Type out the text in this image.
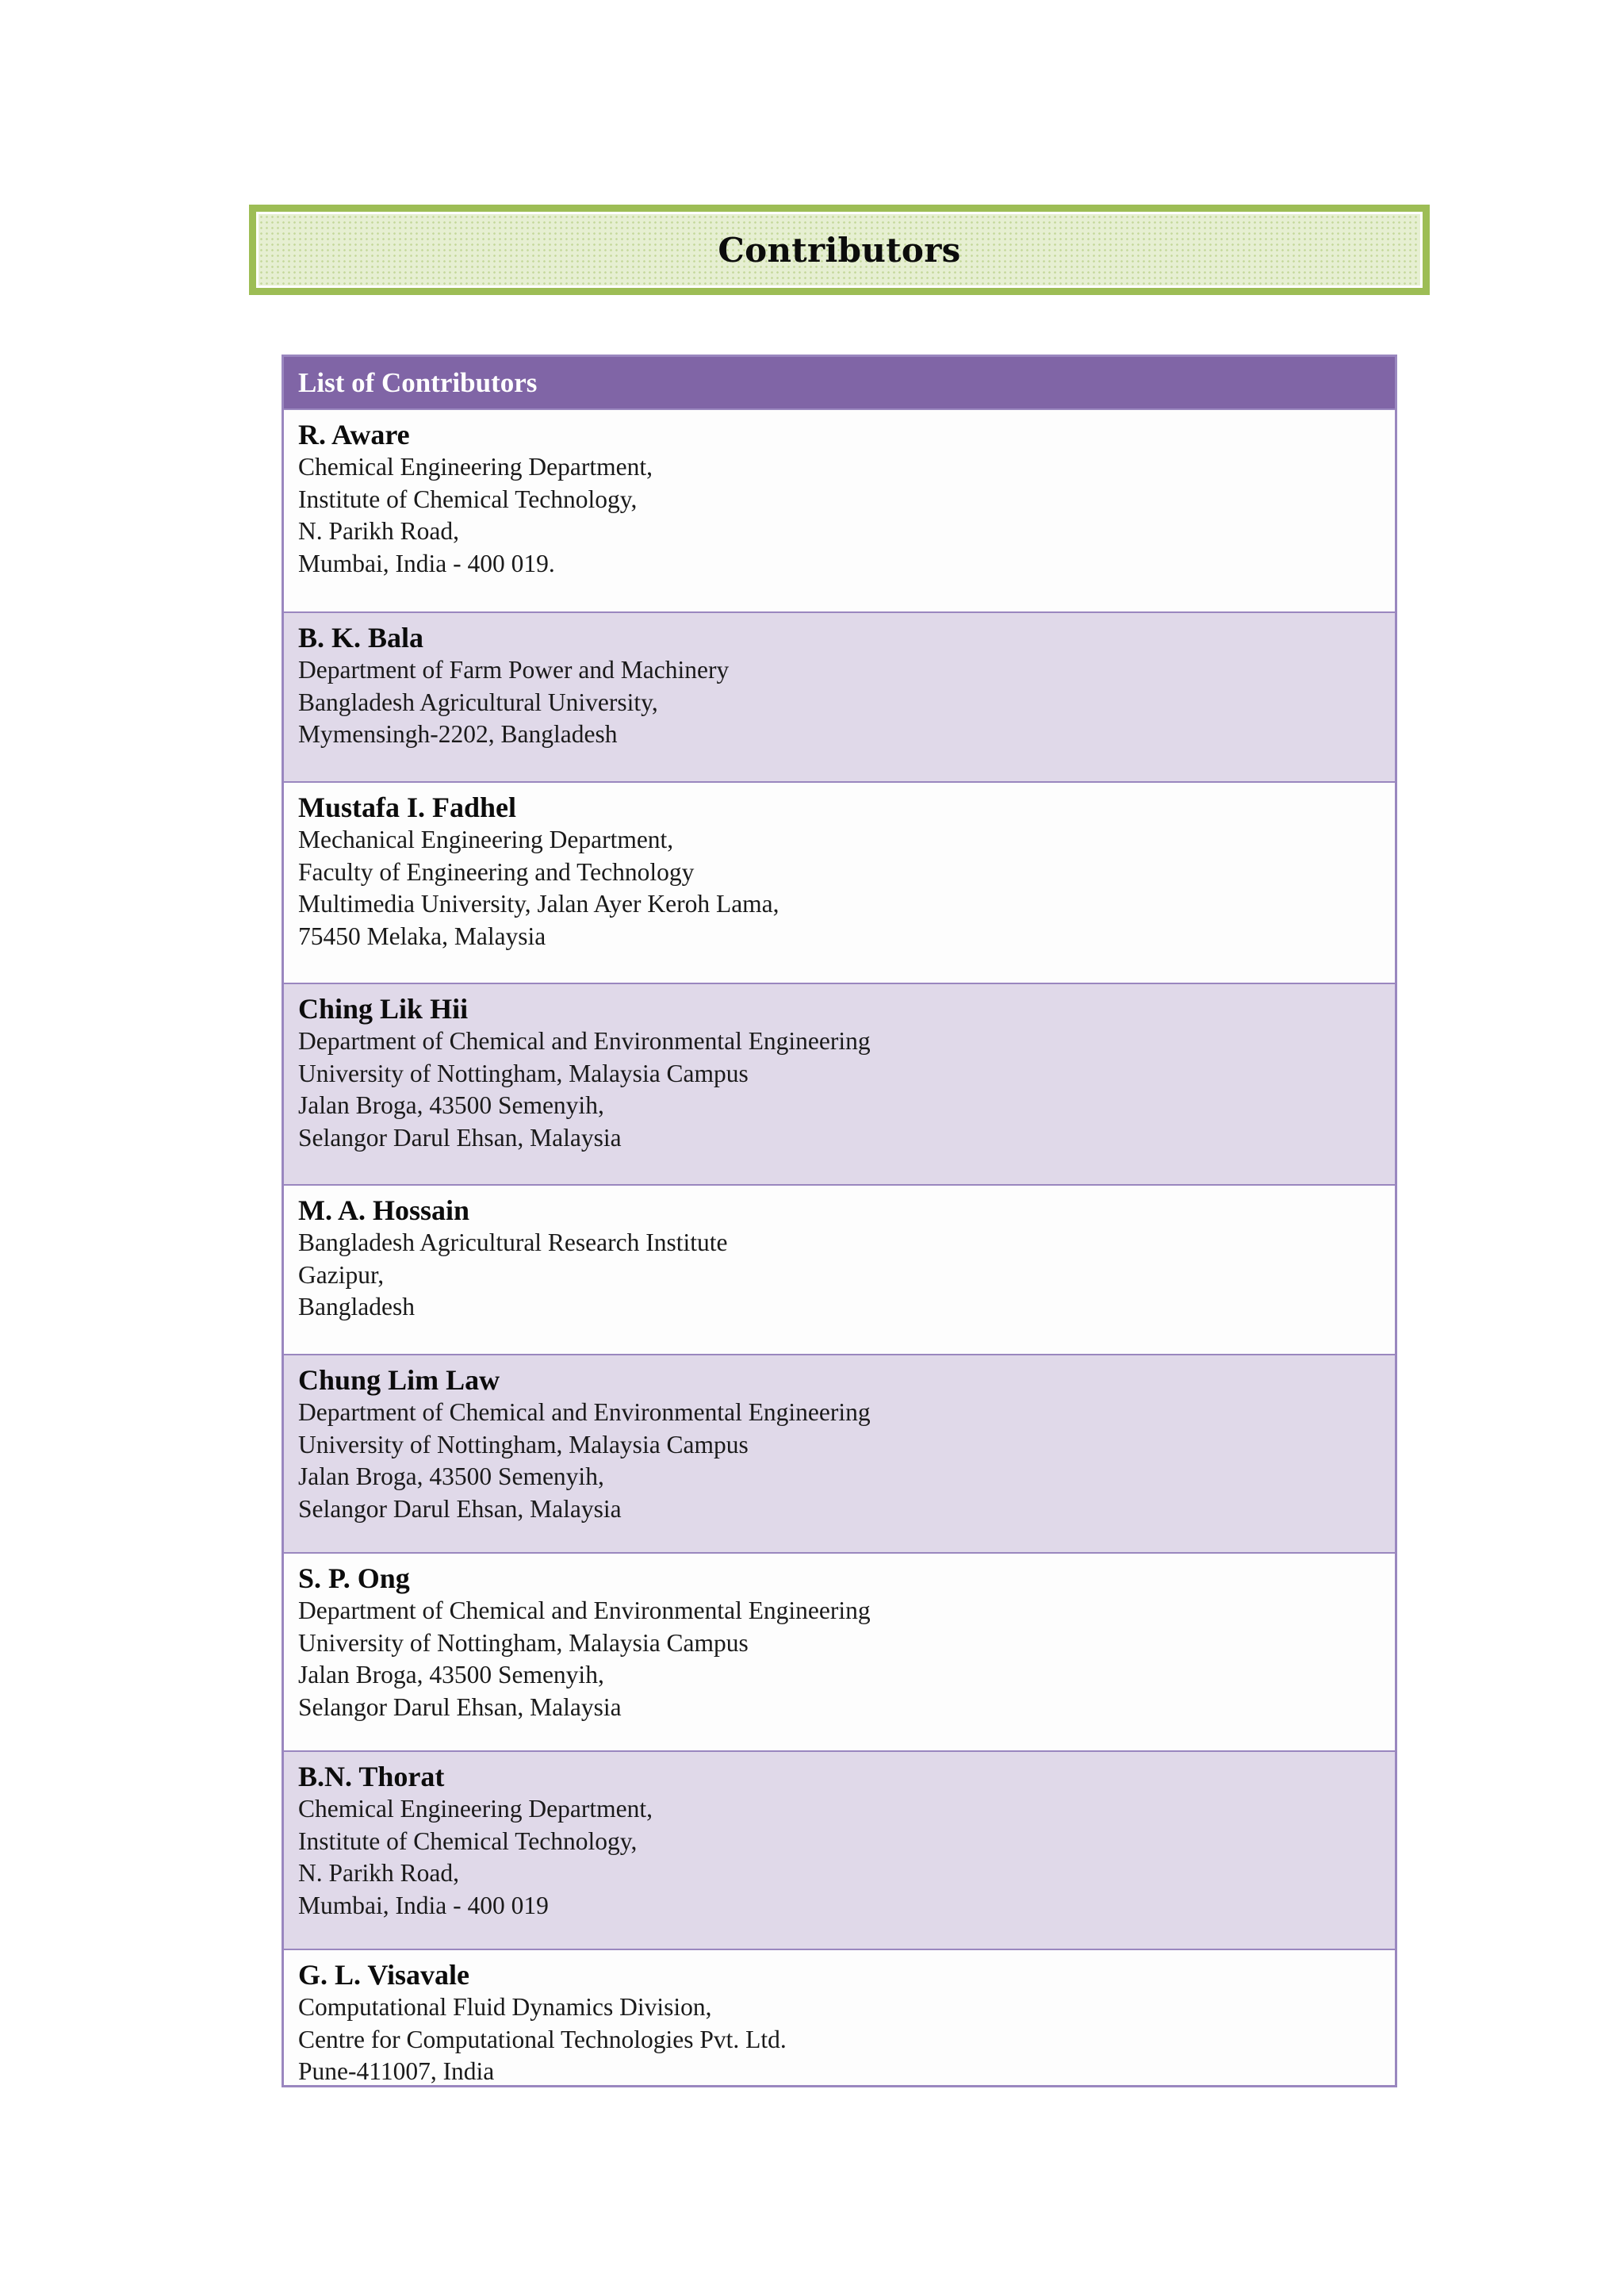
Contributors
List of Contributors
R. Aware
Chemical Engineering Department,
Institute of Chemical Technology,
N. Parikh Road,
Mumbai, India - 400 019.
B. K. Bala
Department of Farm Power and Machinery
Bangladesh Agricultural University,
Mymensingh-2202, Bangladesh
Mustafa I. Fadhel
Mechanical Engineering Department,
Faculty of Engineering and Technology
Multimedia University, Jalan Ayer Keroh Lama,
75450 Melaka, Malaysia
Ching Lik Hii
Department of Chemical and Environmental Engineering
University of Nottingham, Malaysia Campus
Jalan Broga, 43500 Semenyih,
Selangor Darul Ehsan, Malaysia
M. A. Hossain
Bangladesh Agricultural Research Institute
Gazipur,
Bangladesh
Chung Lim Law
Department of Chemical and Environmental Engineering
University of Nottingham, Malaysia Campus
Jalan Broga, 43500 Semenyih,
Selangor Darul Ehsan, Malaysia
S. P. Ong
Department of Chemical and Environmental Engineering
University of Nottingham, Malaysia Campus
Jalan Broga, 43500 Semenyih,
Selangor Darul Ehsan, Malaysia
B.N. Thorat
Chemical Engineering Department,
Institute of Chemical Technology,
N. Parikh Road,
Mumbai, India - 400 019
G. L. Visavale
Computational Fluid Dynamics Division,
Centre for Computational Technologies Pvt. Ltd.
Pune-411007, India
